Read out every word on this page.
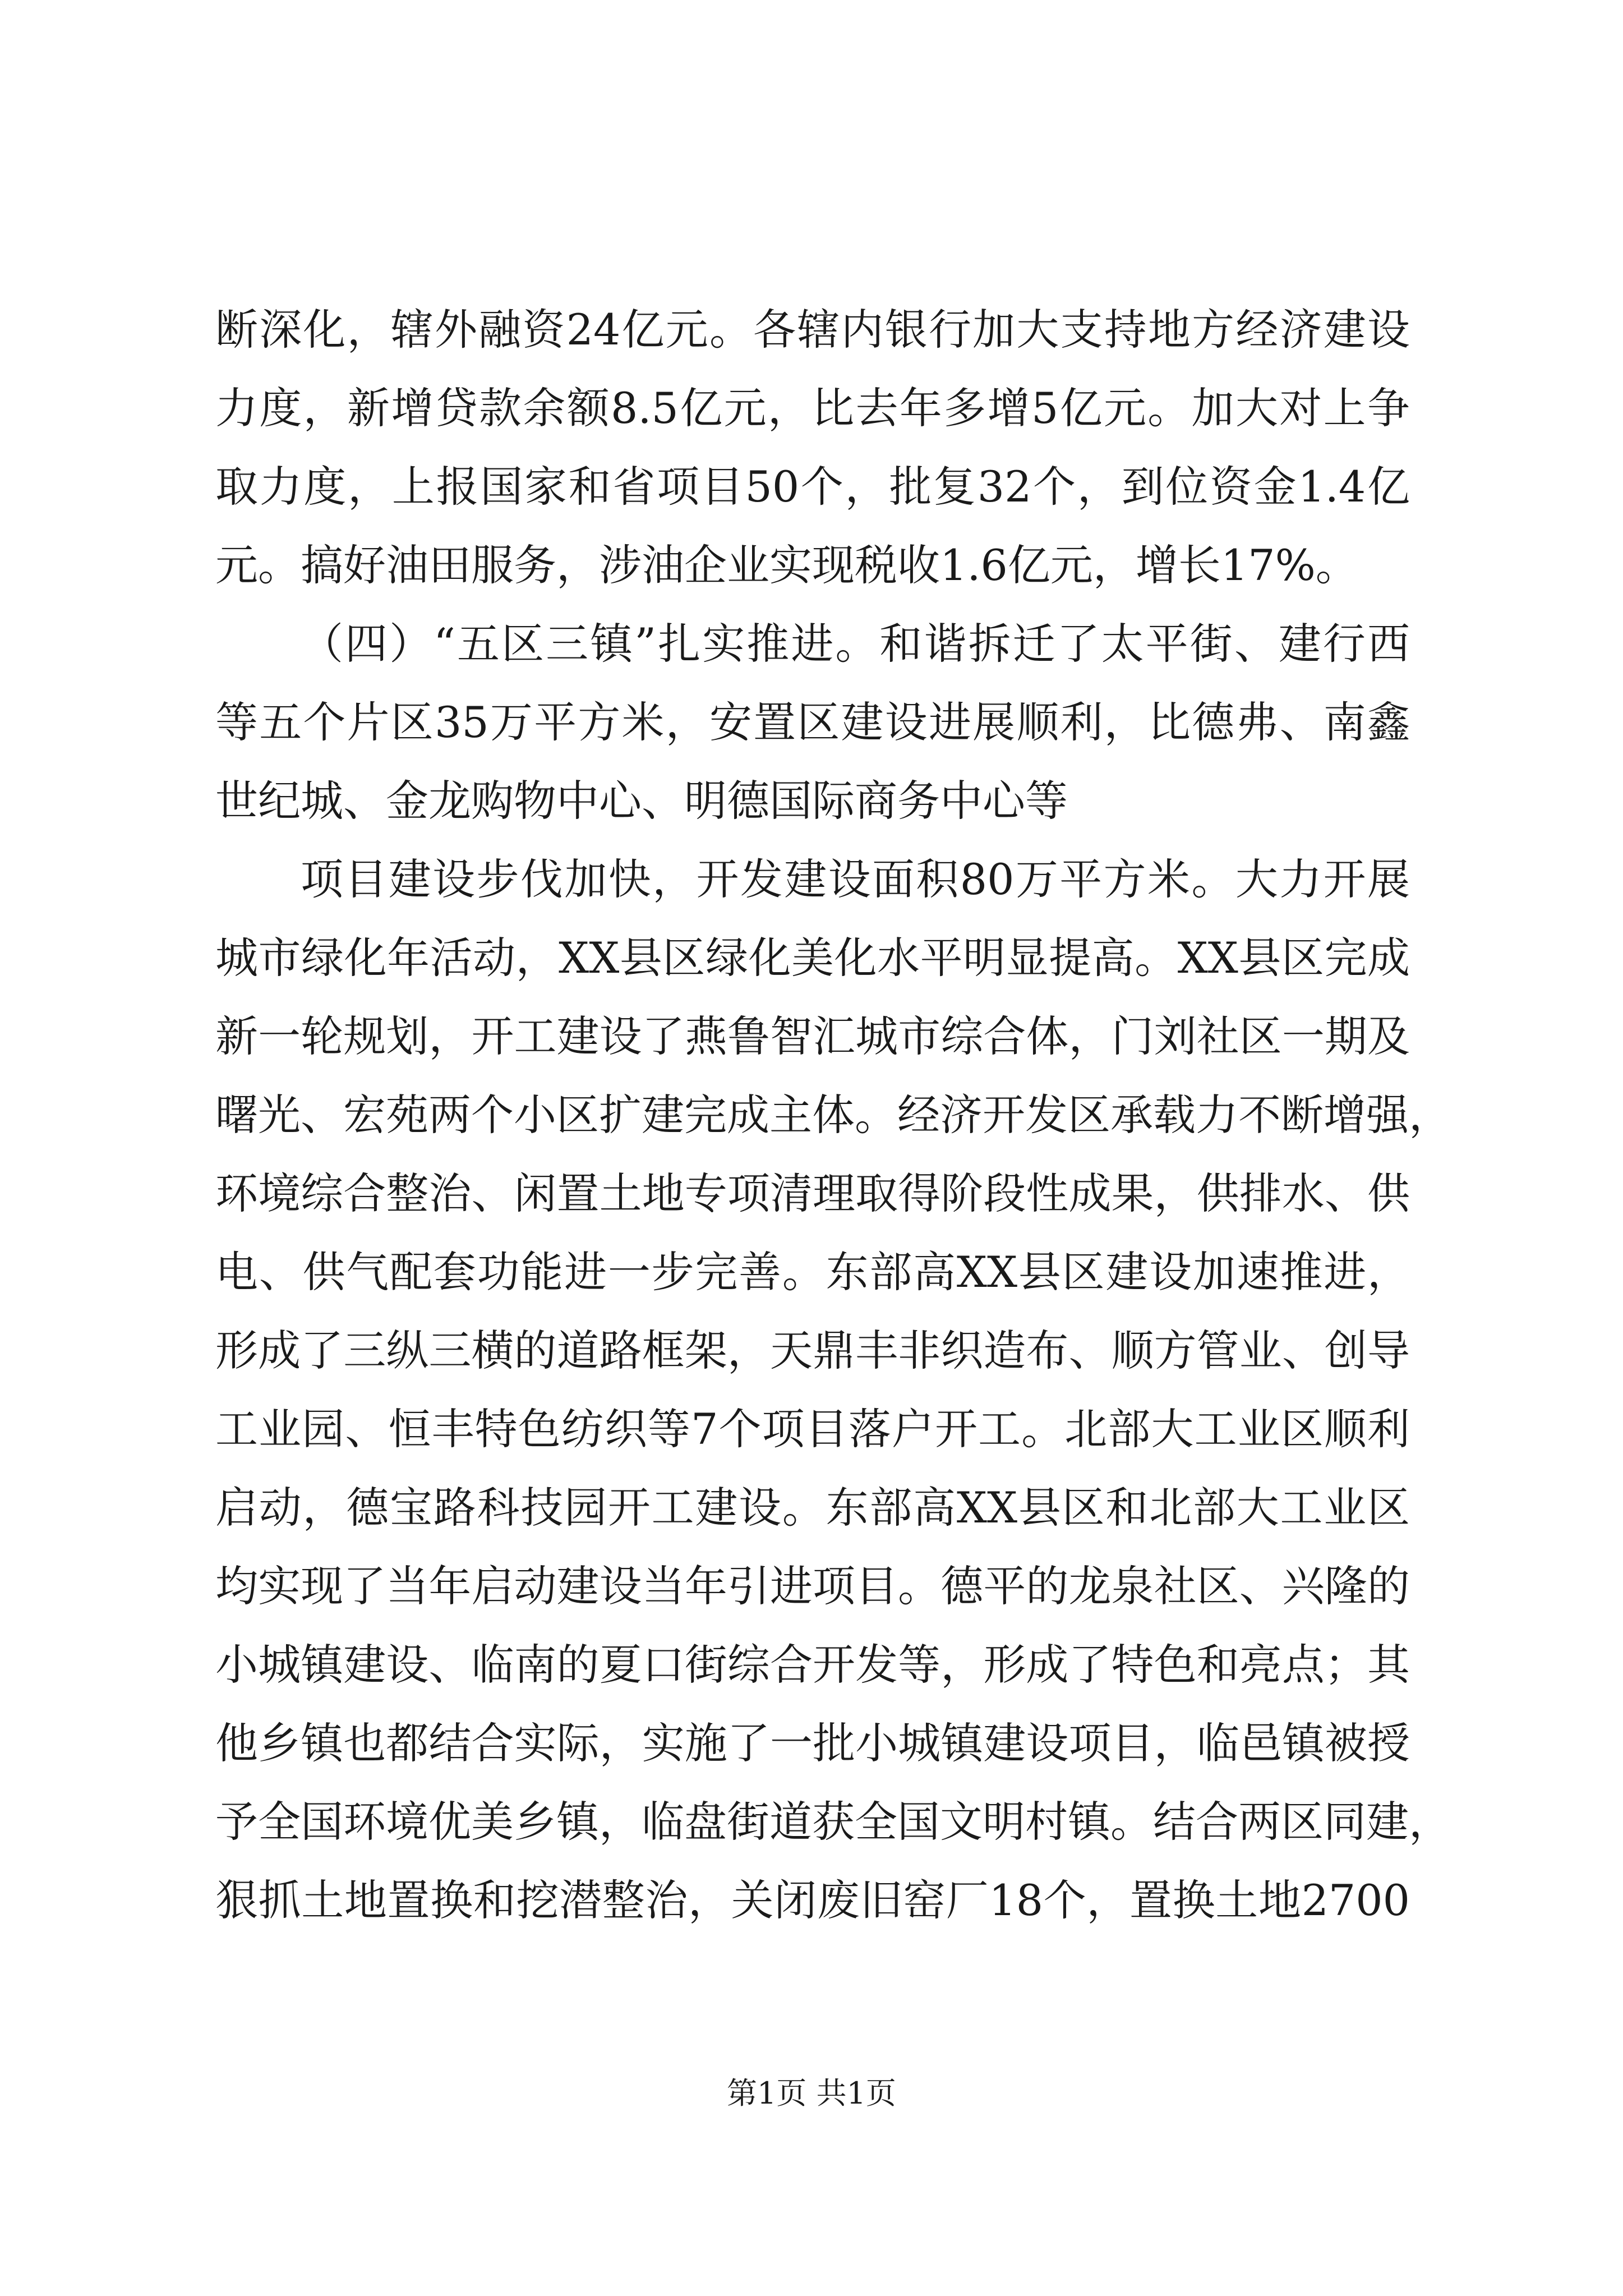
断深化，辖外融资24亿元。各辖内银行加大支持地方经济建设
力度，新增贷款余额8.5亿元，比去年多增5亿元。加大对上争
取力度，上报国家和省项目50个，批复32个，到位资金1.4亿
元。搞好油田服务，涉油企业实现税收1.6亿元，增长17%。
（四）“五区三镇”扎实推进。和谐拆迁了太平街、建行西
等五个片区35万平方米，安置区建设进展顺利，比德弗、南鑫
世纪城、金龙购物中心、明德国际商务中心等
项目建设步伐加快，开发建设面积80万平方米。大力开展
城市绿化年活动，XX县区绿化美化水平明显提高。XX县区完成
新一轮规划，开工建设了燕鲁智汇城市综合体，门刘社区一期及
曙光、宏苑两个小区扩建完成主体。经济开发区承载力不断增强，
环境综合整治、闲置土地专项清理取得阶段性成果，供排水、供
电、供气配套功能进一步完善。东部高XX县区建设加速推进，
形成了三纵三横的道路框架，天鼎丰非织造布、顺方管业、创导
工业园、恒丰特色纺织等7个项目落户开工。北部大工业区顺利
启动，德宝路科技园开工建设。东部高XX县区和北部大工业区
均实现了当年启动建设当年引进项目。德平的龙泉社区、兴隆的
小城镇建设、临南的夏口街综合开发等，形成了特色和亮点；其
他乡镇也都结合实际，实施了一批小城镇建设项目，临邑镇被授
予全国环境优美乡镇，临盘街道获全国文明村镇。结合两区同建，
狠抓土地置换和挖潜整治，关闭废旧窑厂18个，置换土地2700
第1页 共1页
